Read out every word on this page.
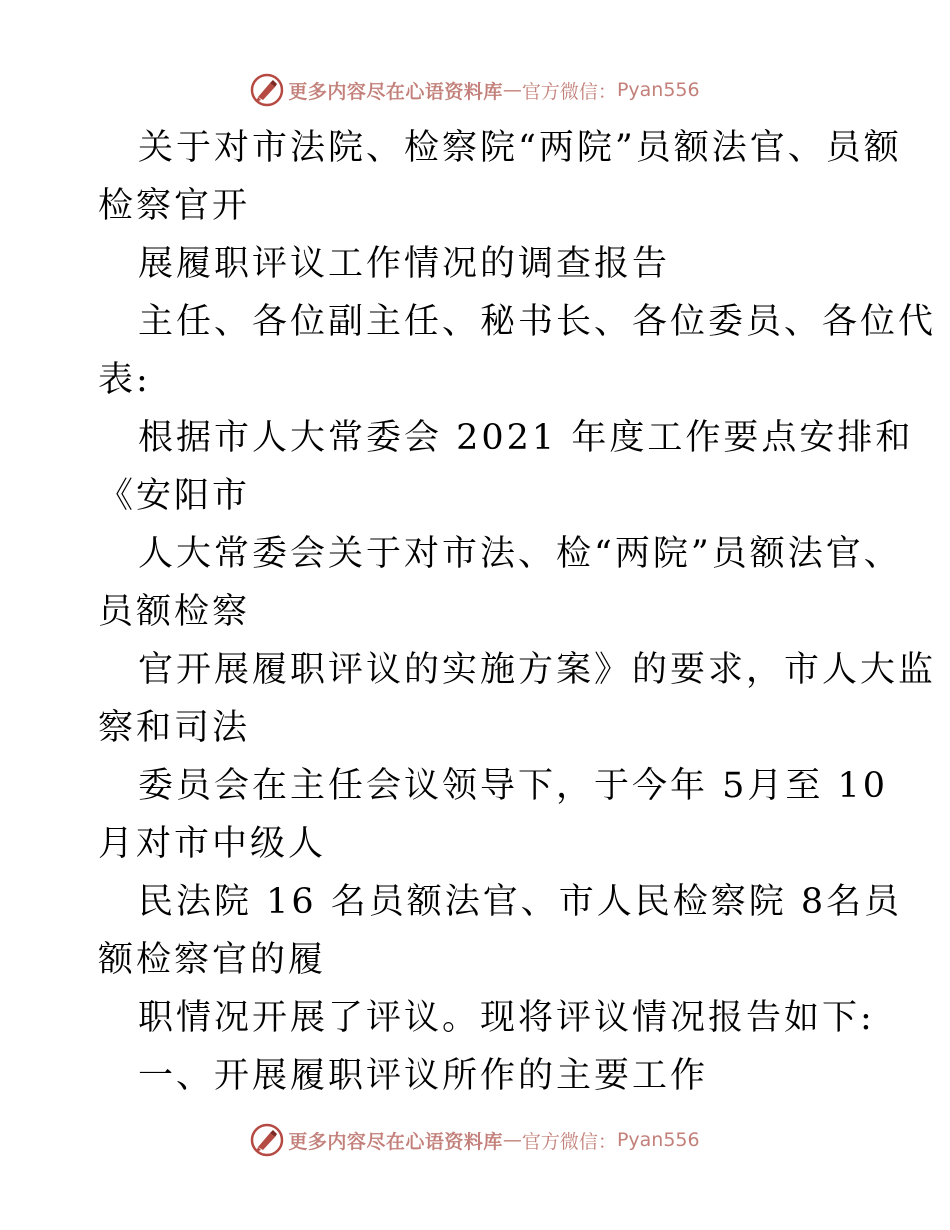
更多内容尽在心语资料库 — 官方微信： Pyan556
关于对市法院、检察院“两院”员额法官、员额
检察官开
展履职评议工作情况的调查报告
主任、各位副主任、秘书长、各位委员、各位代
表:
根据市人大常委会 2021 年度工作要点安排和
《安阳市
人大常委会关于对市法、检“两院”员额法官、
员额检察
官开展履职评议的实施方案》的要求，市人大监
察和司法
委员会在主任会议领导下，于今年 5月至 10
月对市中级人
民法院 16 名员额法官、市人民检察院 8名员
额检察官的履
职情况开展了评议。现将评议情况报告如下:
一、开展履职评议所作的主要工作
更多内容尽在心语资料库 — 官方微信： Pyan556
